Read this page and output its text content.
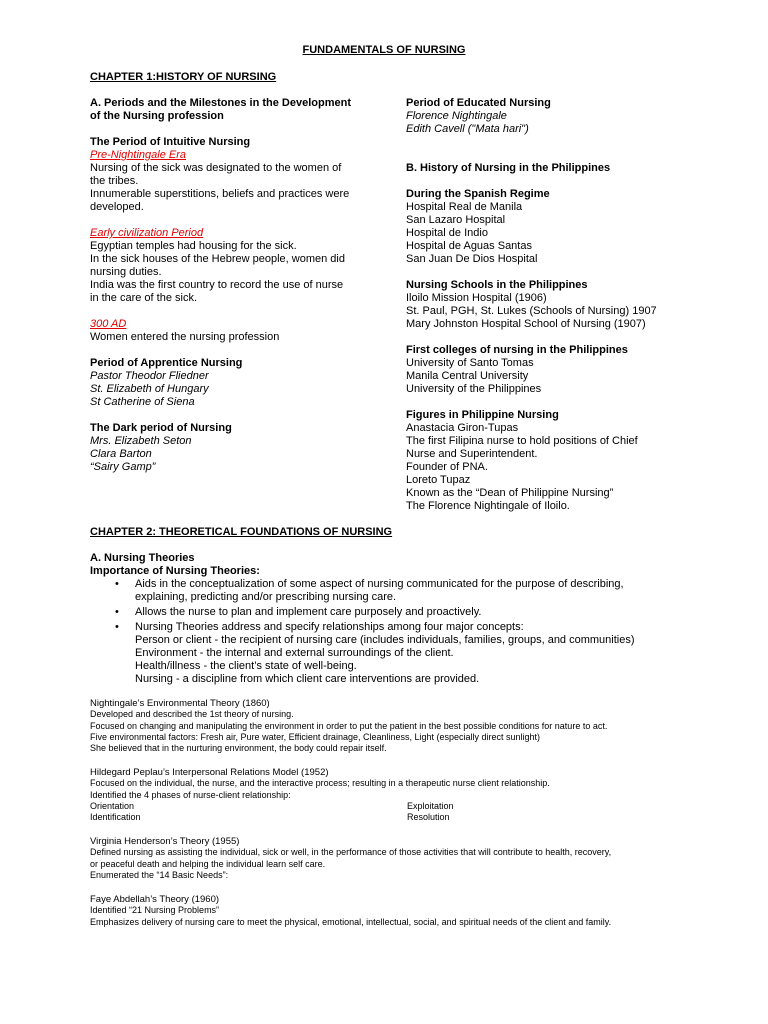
FUNDAMENTALS OF NURSING
CHAPTER 1:HISTORY OF NURSING
A. Periods and the Milestones in the Development
of the Nursing profession
The Period of Intuitive Nursing
Pre-Nightingale Era
Nursing of the sick was designated to the women of
the tribes.
Innumerable superstitions, beliefs and practices were
developed.
Early civilization Period
Egyptian temples had housing for the sick.
In the sick houses of the Hebrew people, women did
nursing duties.
India was the first country to record the use of nurse
in the care of the sick.
300 AD
Women entered the nursing profession
Period of Apprentice Nursing
Pastor Theodor Fliedner
St. Elizabeth of Hungary
St Catherine of Siena
The Dark period of Nursing
Mrs. Elizabeth Seton
Clara Barton
“Sairy Gamp”
Period of Educated Nursing
Florence Nightingale
Edith Cavell ("Mata hari")
B. History of Nursing in the Philippines
During the Spanish Regime
Hospital Real de Manila
San Lazaro Hospital
Hospital de Indio
Hospital de Aguas Santas
San Juan De Dios Hospital
Nursing Schools in the Philippines
Iloilo Mission Hospital (1906)
St. Paul, PGH, St. Lukes (Schools of Nursing) 1907
Mary Johnston Hospital School of Nursing (1907)
First colleges of nursing in the Philippines
University of Santo Tomas
Manila Central University
University of the Philippines
Figures in Philippine Nursing
Anastacia Giron-Tupas
The first Filipina nurse to hold positions of Chief
Nurse and Superintendent.
Founder of PNA.
Loreto Tupaz
Known as the “Dean of Philippine Nursing”
The Florence Nightingale of Iloilo.
CHAPTER 2: THEORETICAL FOUNDATIONS OF NURSING
A. Nursing Theories
Importance of Nursing Theories:
• Aids in the conceptualization of some aspect of nursing communicated for the purpose of describing,
explaining, predicting and/or prescribing nursing care.
• Allows the nurse to plan and implement care purposely and proactively.
• Nursing Theories address and specify relationships among four major concepts:
Person or client - the recipient of nursing care (includes individuals, families, groups, and communities)
Environment - the internal and external surroundings of the client.
Health/illness - the client’s state of well-being.
Nursing - a discipline from which client care interventions are provided.
Nightingale’s Environmental Theory (1860)
Developed and described the 1st theory of nursing.
Focused on changing and manipulating the environment in order to put the patient in the best possible conditions for nature to act.
Five environmental factors: Fresh air, Pure water, Efficient drainage, Cleanliness, Light (especially direct sunlight)
She believed that in the nurturing environment, the body could repair itself.
Hildegard Peplau’s Interpersonal Relations Model (1952)
Focused on the individual, the nurse, and the interactive process; resulting in a therapeutic nurse client relationship.
Identified the 4 phases of nurse-client relationship:
Orientation	Exploitation
Identification	Resolution
Virginia Henderson’s Theory (1955)
Defined nursing as assisting the individual, sick or well, in the performance of those activities that will contribute to health, recovery,
or peaceful death and helping the individual learn self care.
Enumerated the “14 Basic Needs”:
Faye Abdellah’s Theory (1960)
Identified “21 Nursing Problems”
Emphasizes delivery of nursing care to meet the physical, emotional, intellectual, social, and spiritual needs of the client and family.
